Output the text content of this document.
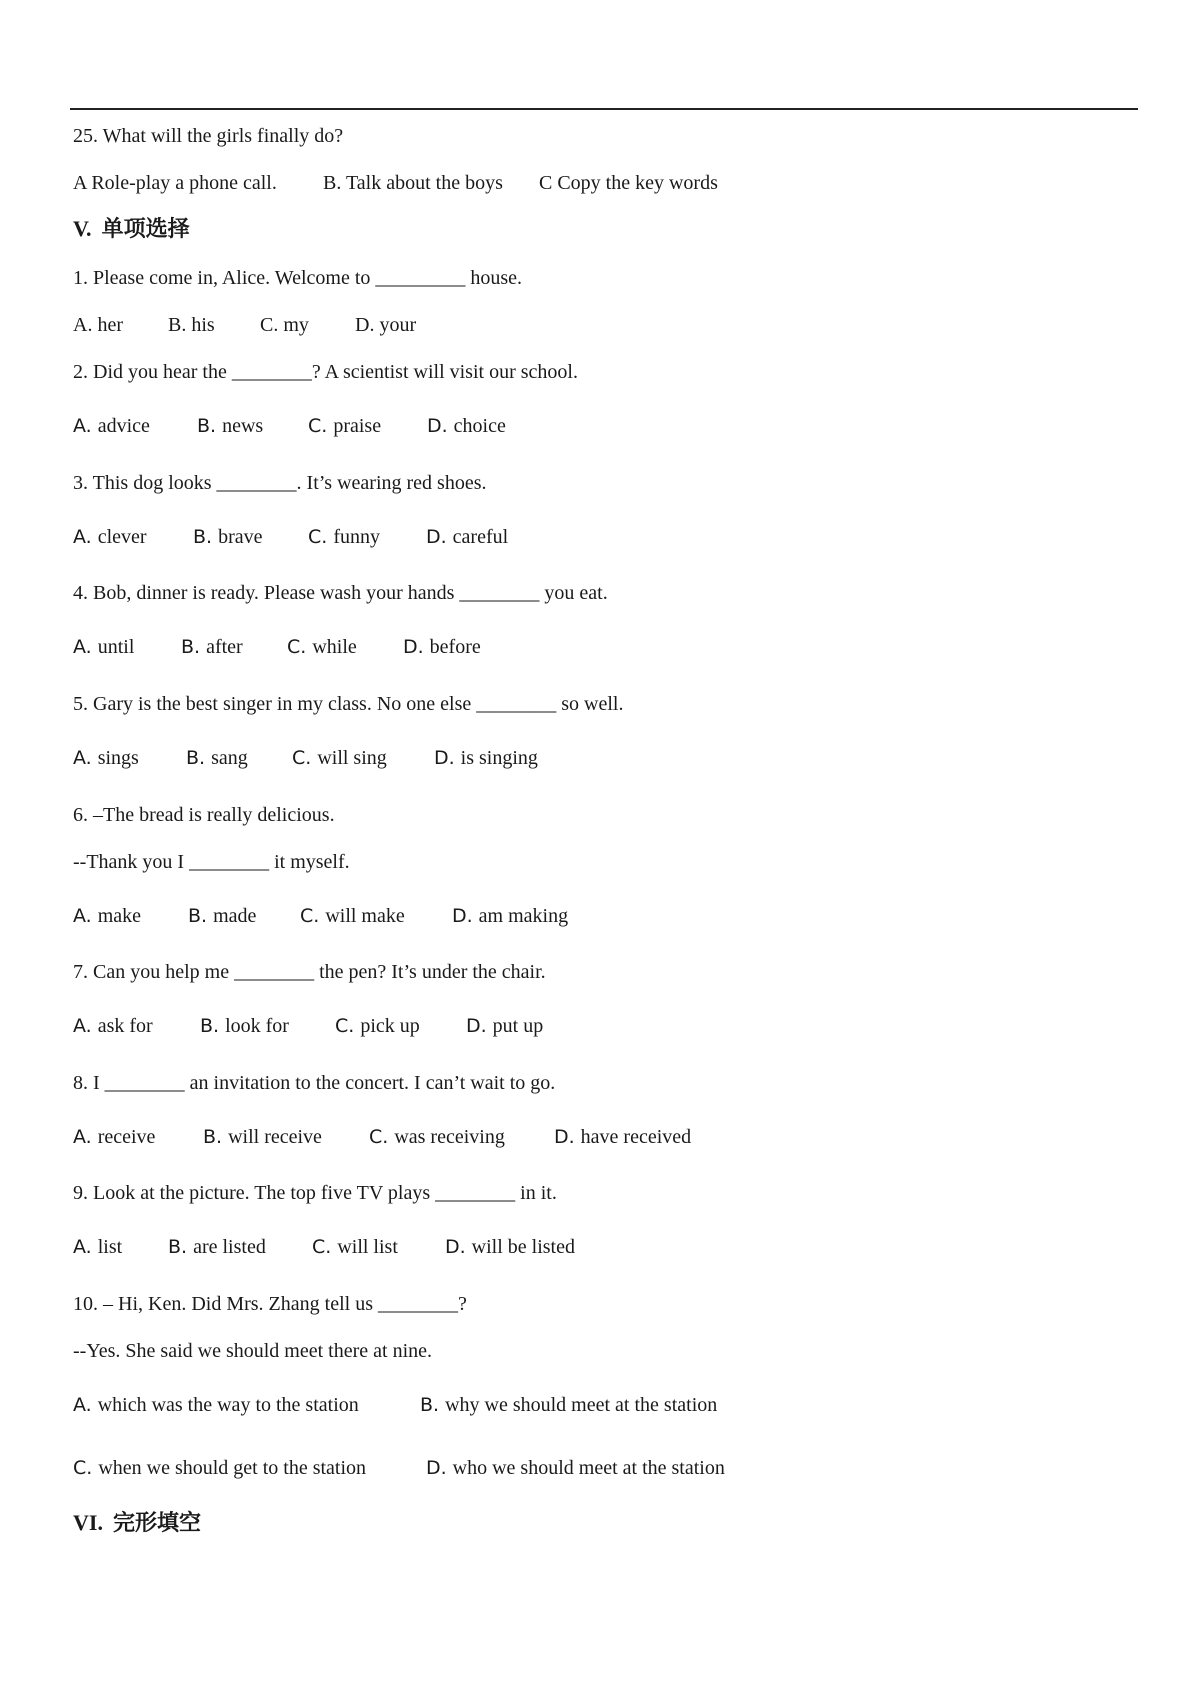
25. What will the girls finally do?
A Role-play a phone call. B. Talk about the boys C Copy the key words
V. 单项选择
1. Please come in, Alice. Welcome to _________ house.
A. her B. his C. my D. your
2. Did you hear the ________? A scientist will visit our school.
A. advice B. news C. praise D. choice
3. This dog looks ________. It’s wearing red shoes.
A. clever B. brave C. funny D. careful
4. Bob, dinner is ready. Please wash your hands ________ you eat.
A. until B. after C. while D. before
5. Gary is the best singer in my class. No one else ________ so well.
A. sings B. sang C. will sing D. is singing
6. –The bread is really delicious.
--Thank you I ________ it myself.
A. make B. made C. will make D. am making
7. Can you help me ________ the pen? It’s under the chair.
A. ask for B. look for C. pick up D. put up
8. I ________ an invitation to the concert. I can’t wait to go.
A. receive	B. will receive C. was receiving	D. have received
9. Look at the picture. The top five TV plays ________ in it.
A. list B. are listed C. will list D. will be listed
10. – Hi, Ken. Did Mrs. Zhang tell us ________?
--Yes. She said we should meet there at nine.
A. which was the way to the station	B. why we should meet at the station
C. when we should get to the station	D. who we should meet at the station
VI. 完形填空
